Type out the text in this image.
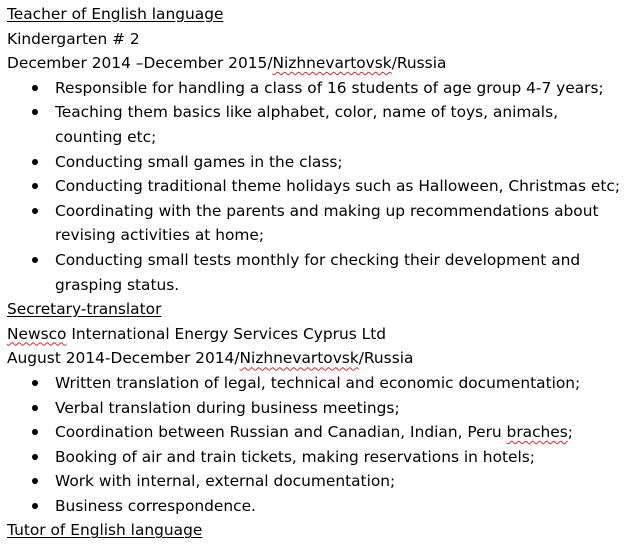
Teacher of English language
Kindergarten # 2
December 2014 –December 2015/Nizhnevartovsk/Russia
Responsible for handling a class of 16 students of age group 4-7 years;
Teaching them basics like alphabet, color, name of toys, animals, counting etc;
Conducting small games in the class;
Conducting traditional theme holidays such as Halloween, Christmas etc;
Coordinating with the parents and making up recommendations about revising activities at home;
Conducting small tests monthly for checking their development and grasping status.
Secretary-translator
Newsco International Energy Services Cyprus Ltd
August 2014-December 2014/Nizhnevartovsk/Russia
Written translation of legal, technical and economic documentation;
Verbal translation during business meetings;
Coordination between Russian and Canadian, Indian, Peru braches;
Booking of air and train tickets, making reservations in hotels;
Work with internal, external documentation;
Business correspondence.
Tutor of English language
